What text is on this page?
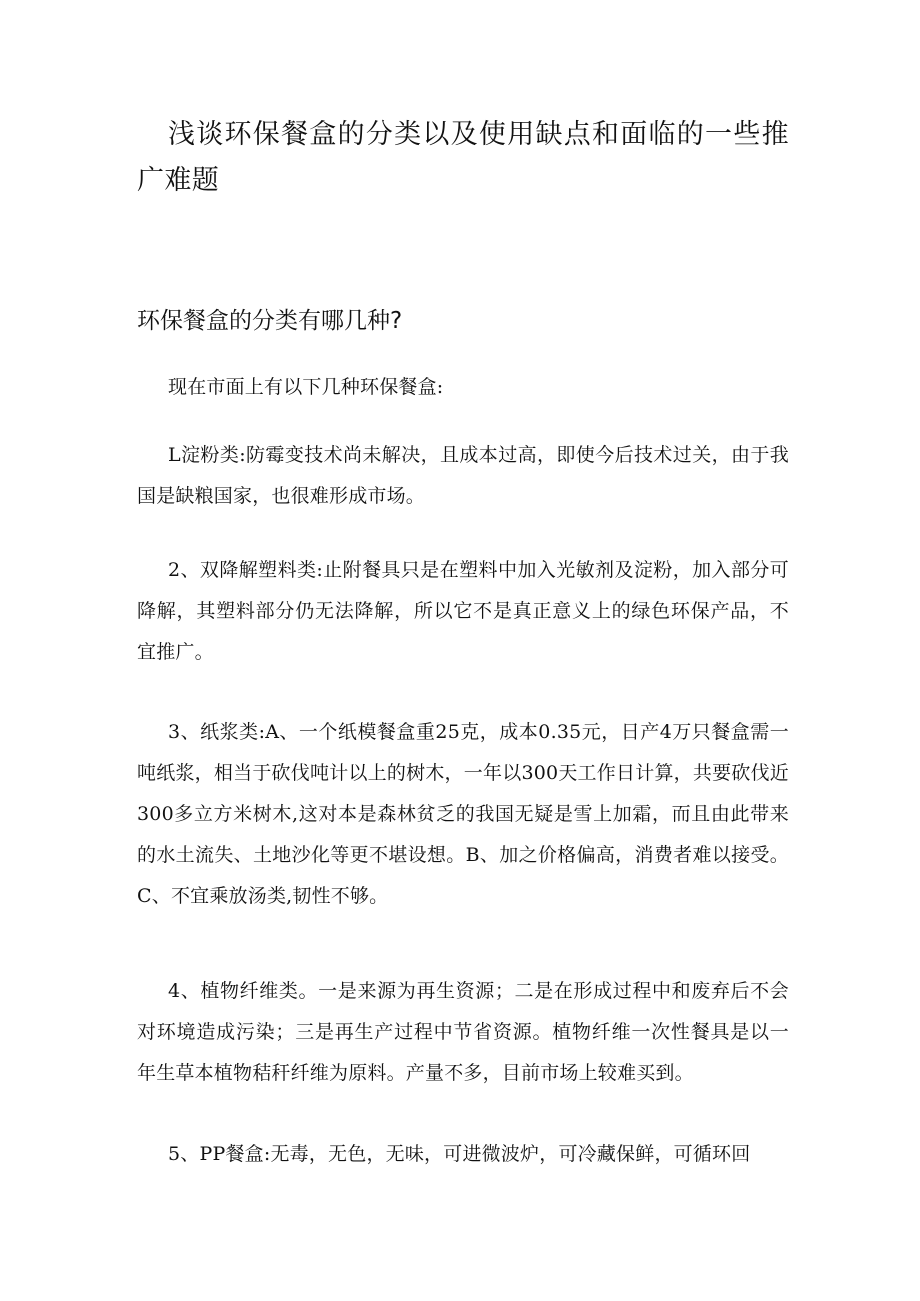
浅谈环保餐盒的分类以及使用缺点和面临的一些推广难题
环保餐盒的分类有哪几种?

现在市面上有以下几种环保餐盒:

L淀粉类:防霉变技术尚未解决，且成本过高，即使今后技术过关，由于我国是缺粮国家，也很难形成市场。

2、双降解塑料类:止附餐具只是在塑料中加入光敏剂及淀粉，加入部分可降解，其塑料部分仍无法降解，所以它不是真正意义上的绿色环保产品，不宜推广。

3、纸浆类:A、一个纸模餐盒重25克，成本0.35元，日产4万只餐盒需一吨纸浆，相当于砍伐吨计以上的树木，一年以300天工作日计算，共要砍伐近300多立方米树木,这对本是森林贫乏的我国无疑是雪上加霜，而且由此带来的水土流失、土地沙化等更不堪设想。B、加之价格偏高，消费者难以接受。C、不宜乘放汤类,韧性不够。

4、植物纤维类。一是来源为再生资源；二是在形成过程中和废弃后不会对环境造成污染；三是再生产过程中节省资源。植物纤维一次性餐具是以一年生草本植物秸秆纤维为原料。产量不多，目前市场上较难买到。

5、PP餐盒:无毒，无色，无味，可进微波炉，可冷藏保鲜，可循环回
